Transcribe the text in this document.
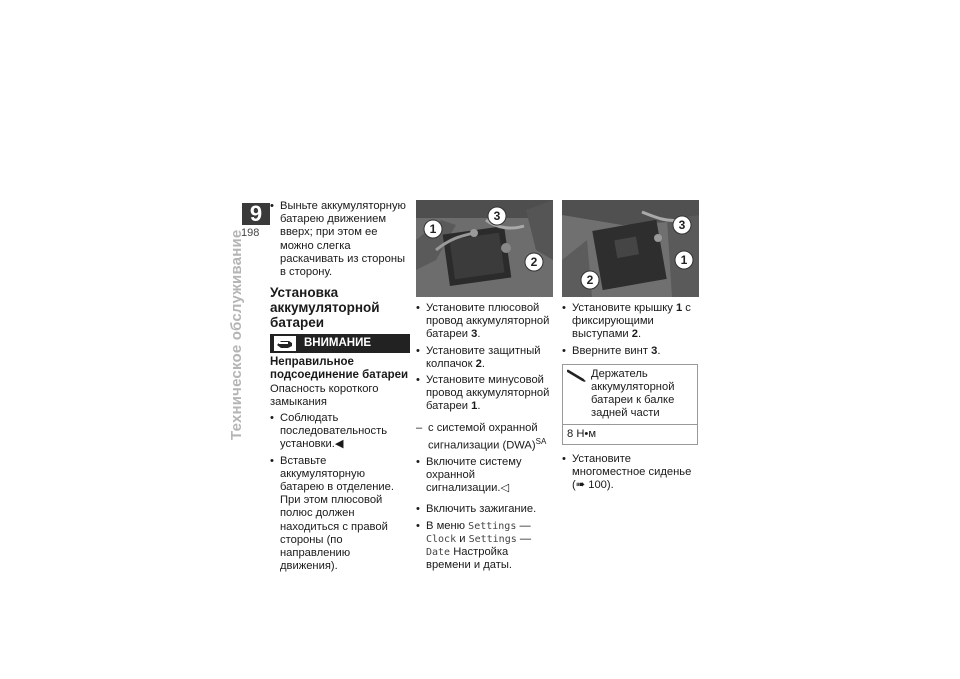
9
198
Техническое обслуживание

• Выньте аккумуляторную батарею движением вверх; при этом ее можно слегка раскачивать из стороны в сторону.

Установка аккумуляторной батареи
ВНИМАНИЕ

Неправильное подсоединение батареи

Опасность короткого замыкания

• Соблюдать последовательность установки.◀

• Вставьте аккумуляторную батарею в отделение. При этом плюсовой полюс должен находиться с правой стороны (по направлению движения).

1
3
2

• Установите плюсовой провод аккумуляторной батареи 3.

• Установите защитный колпачок 2.

• Установите минусовой провод аккумуляторной батареи 1.

– с системой охранной сигнализации (DWA)$^{SA}$

• Включите систему охранной сигнализации.◁

• Включить зажигание.

• В меню Settings — Clock и Settings — Date Настройка времени и даты.

3
1
2

• Установите крышку 1 с фиксирующими выступами 2.

• Вверните винт 3.

Держатель аккумуляторной батареи к балке задней части
8 Н•м

• Установите многоместное сиденье (➠ 100).
